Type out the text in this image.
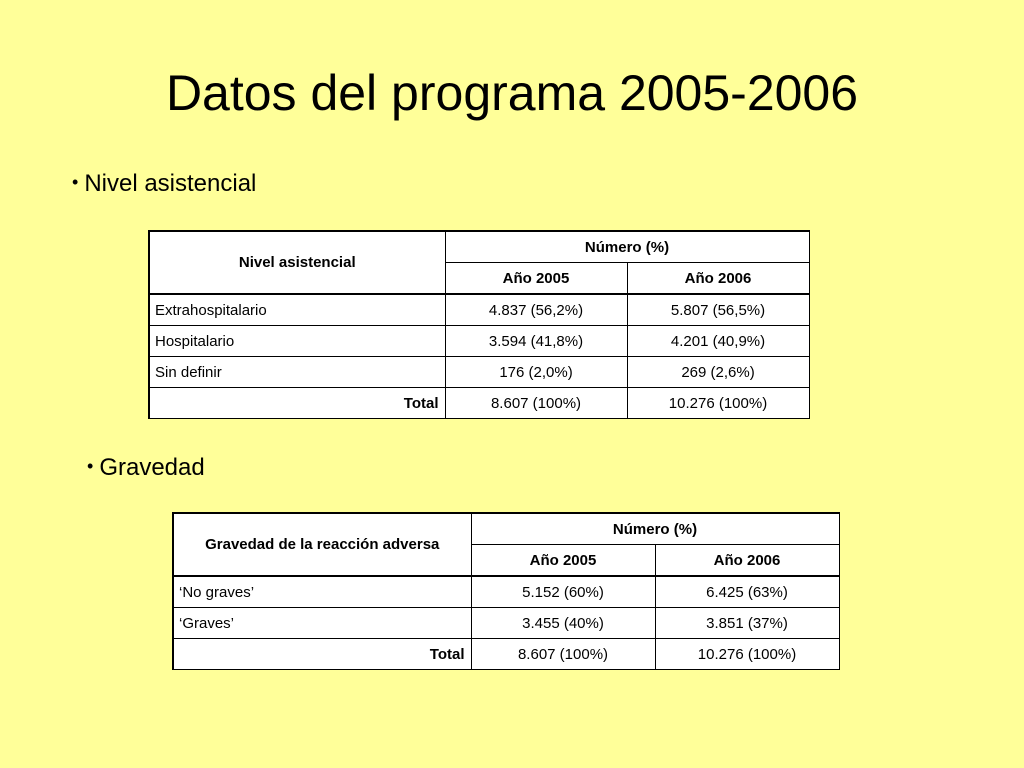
Datos del programa 2005-2006
• Nivel asistencial
Nivel asistencial	Número (%)	
	Año 2005	Año 2006
Extrahospitalario	4.837 (56,2%)	5.807 (56,5%)
Hospitalario	3.594 (41,8%)	4.201 (40,9%)
Sin definir	176 (2,0%)	269 (2,6%)
Total	8.607 (100%)	10.276 (100%)
• Gravedad
Gravedad de la reacción adversa	Número (%)	
	Año 2005	Año 2006
‘No graves’	5.152 (60%)	6.425 (63%)
‘Graves’	3.455 (40%)	3.851 (37%)
Total	8.607 (100%)	10.276 (100%)
